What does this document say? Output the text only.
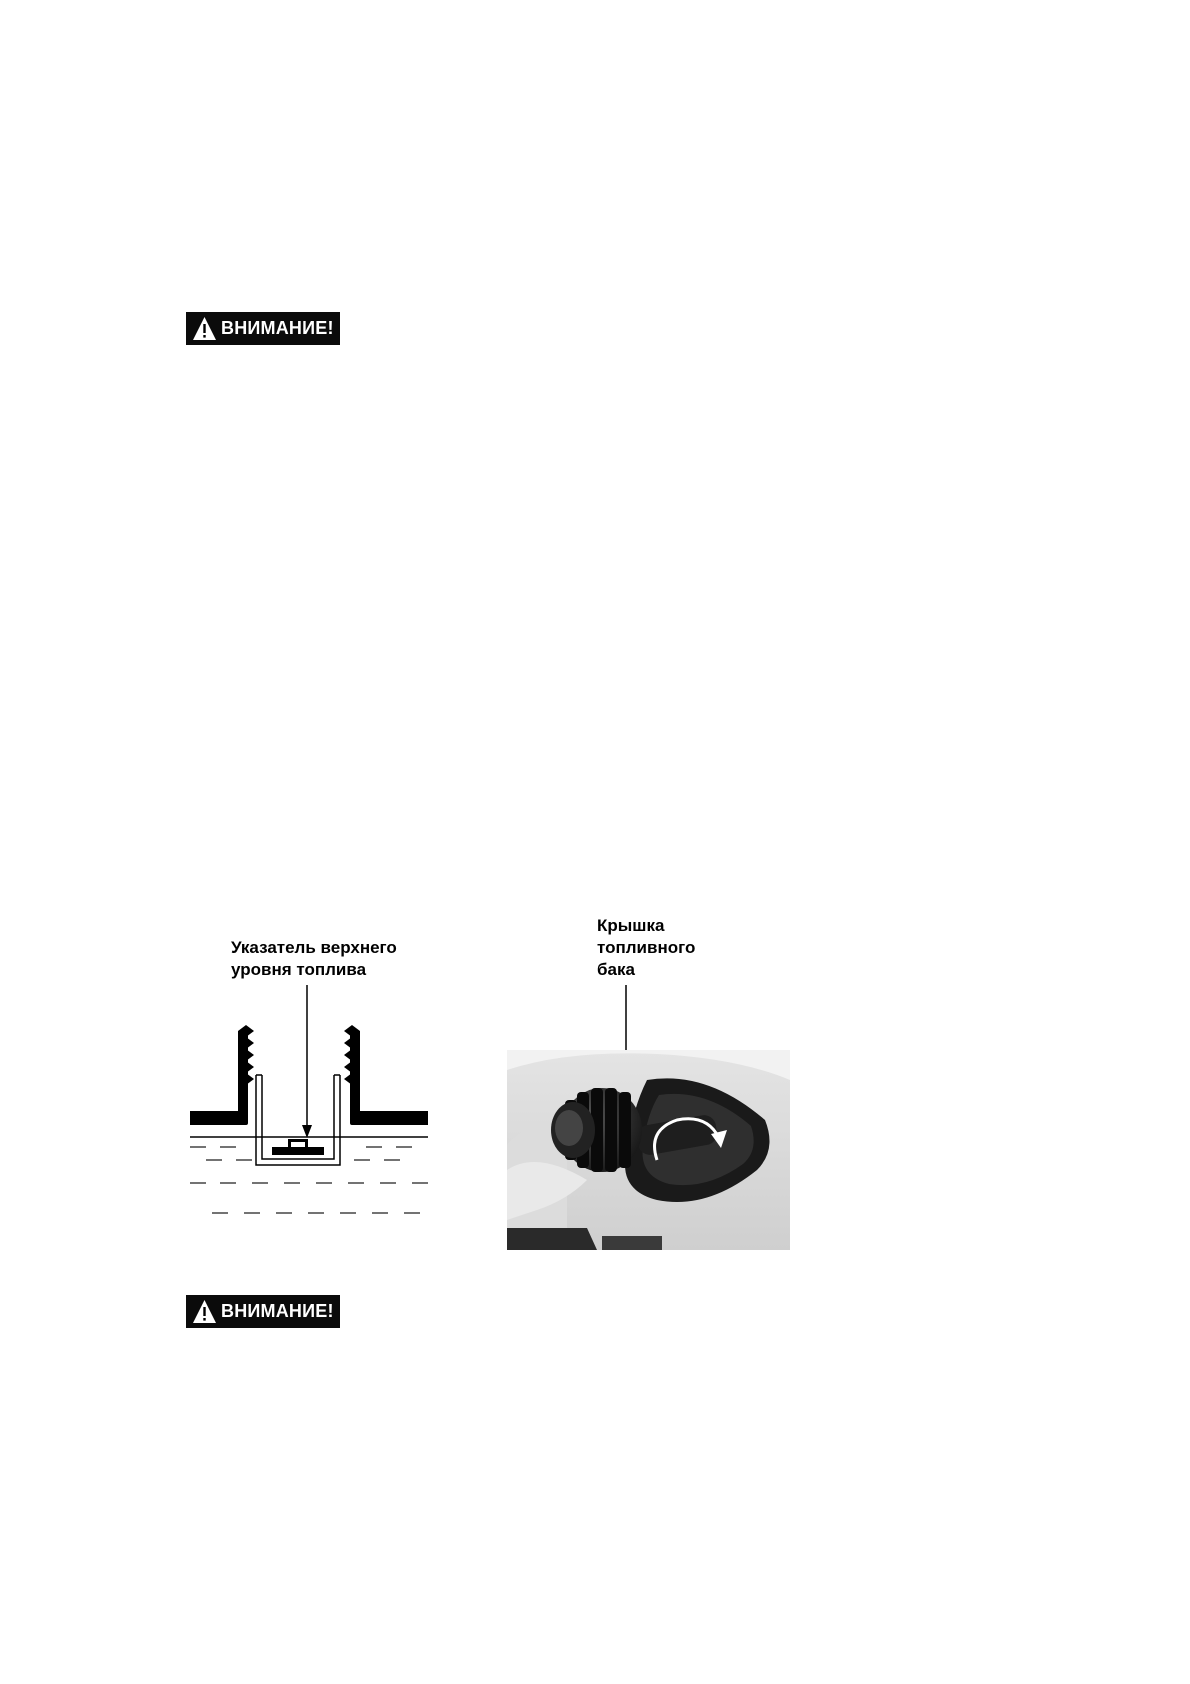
ВНИМАНИЕ!
Указатель верхнего
уровня топлива
Крышка
топливного
бака
ВНИМАНИЕ!
